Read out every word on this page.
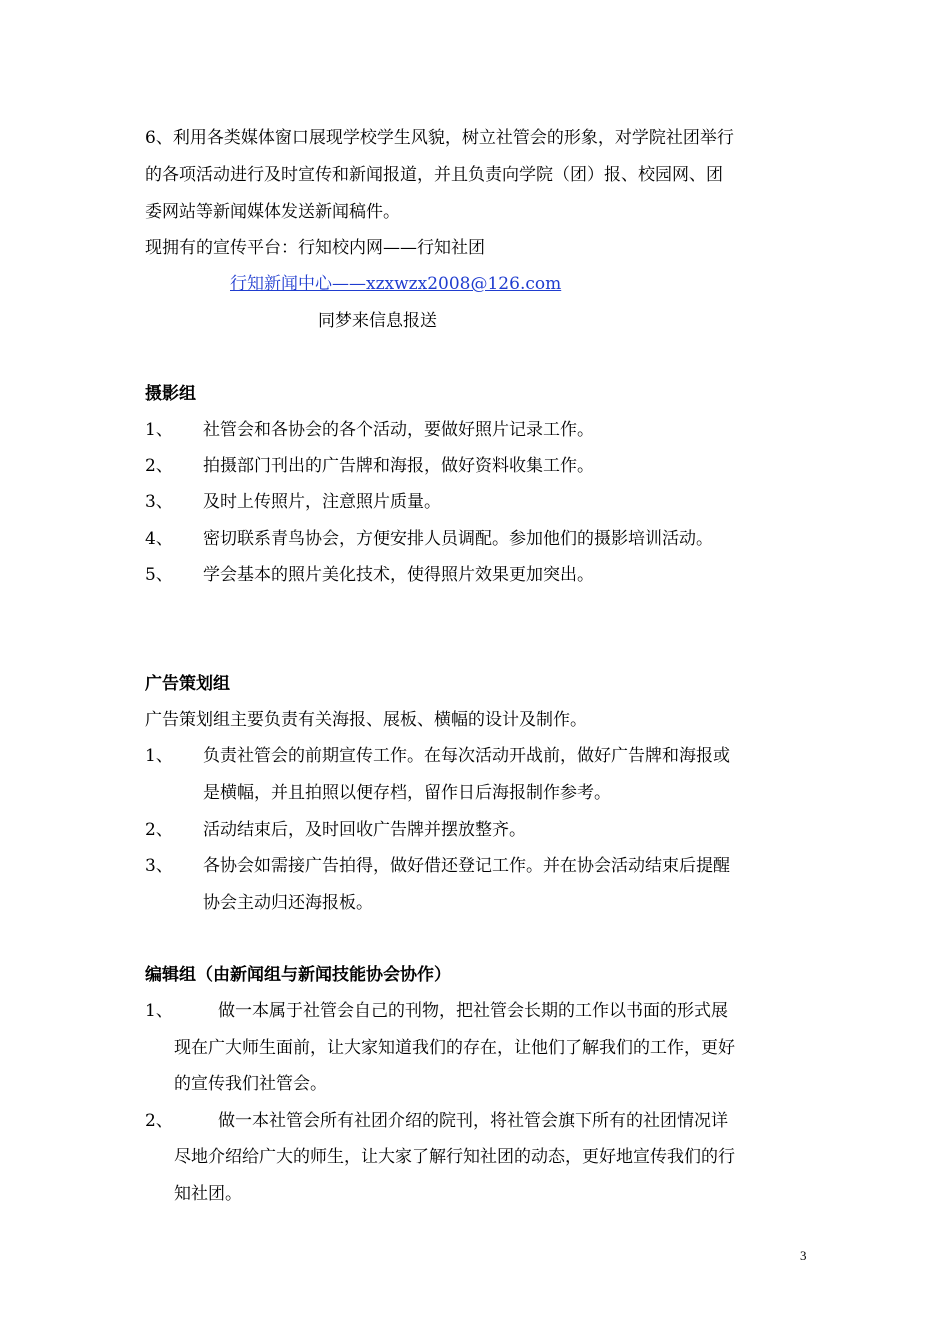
6、利用各类媒体窗口展现学校学生风貌，树立社管会的形象，对学院社团举行
的各项活动进行及时宣传和新闻报道，并且负责向学院（团）报、校园网、团
委网站等新闻媒体发送新闻稿件。
现拥有的宣传平台：行知校内网——行知社团
行知新闻中心——xzxwzx2008@126.com
同梦来信息报送
摄影组
1、 社管会和各协会的各个活动，要做好照片记录工作。
2、 拍摄部门刊出的广告牌和海报，做好资料收集工作。
3、 及时上传照片，注意照片质量。
4、 密切联系青鸟协会，方便安排人员调配。参加他们的摄影培训活动。
5、 学会基本的照片美化技术，使得照片效果更加突出。
广告策划组
广告策划组主要负责有关海报、展板、横幅的设计及制作。
1、 负责社管会的前期宣传工作。在每次活动开战前，做好广告牌和海报或
是横幅，并且拍照以便存档，留作日后海报制作参考。
2、 活动结束后，及时回收广告牌并摆放整齐。
3、 各协会如需接广告拍得，做好借还登记工作。并在协会活动结束后提醒
协会主动归还海报板。
编辑组（由新闻组与新闻技能协会协作）
1、	做一本属于社管会自己的刊物，把社管会长期的工作以书面的形式展
现在广大师生面前，让大家知道我们的存在，让他们了解我们的工作，更好
的宣传我们社管会。
2、	做一本社管会所有社团介绍的院刊，将社管会旗下所有的社团情况详
尽地介绍给广大的师生，让大家了解行知社团的动态，更好地宣传我们的行
知社团。
3
